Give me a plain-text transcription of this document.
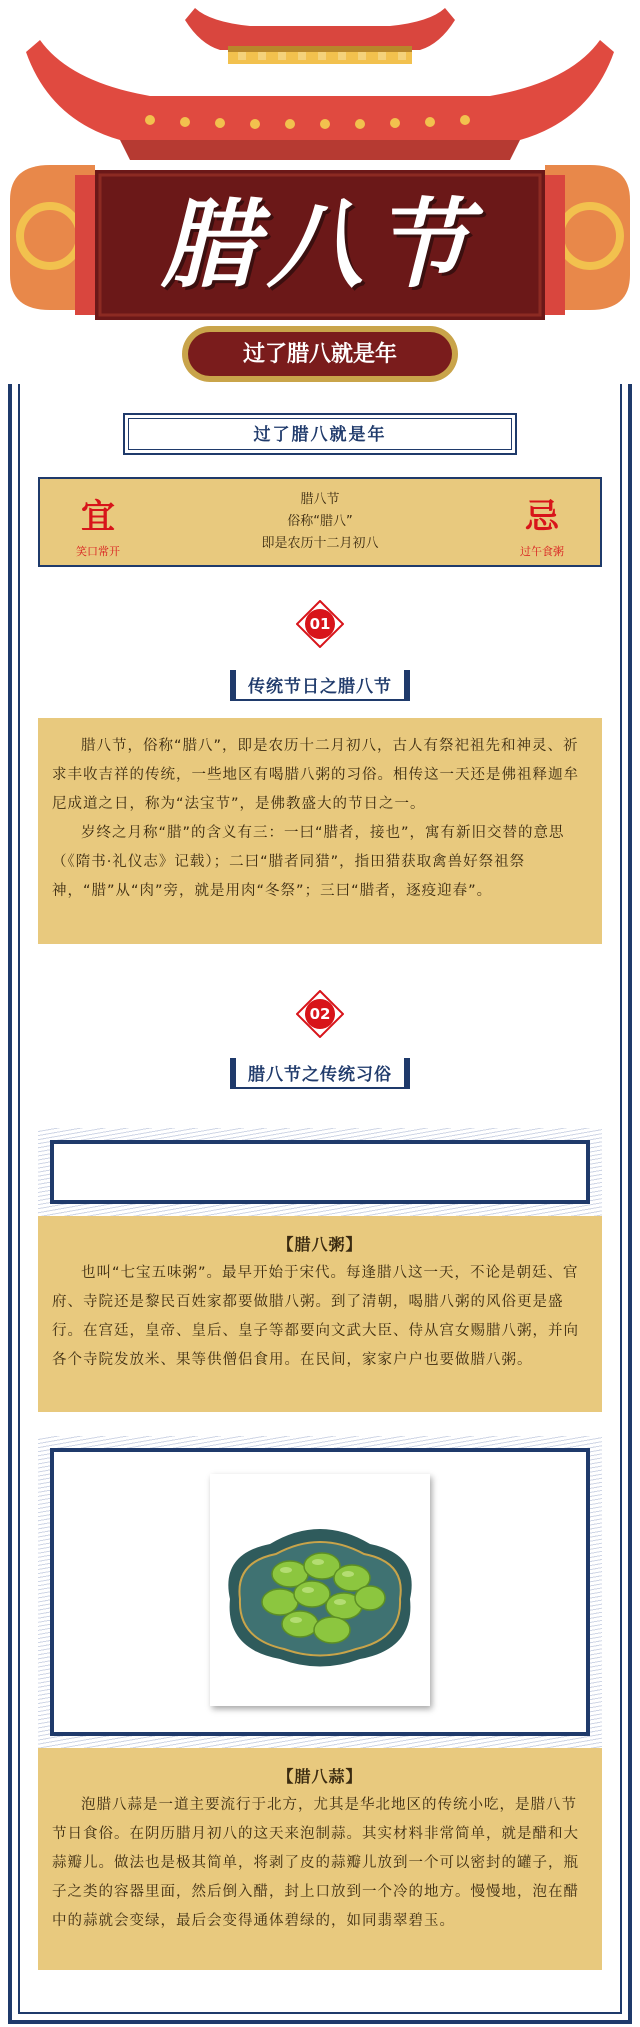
腊八节
过了腊八就是年
过了腊八就是年
宜
笑口常开
腊八节
俗称“腊八”
即是农历十二月初八
忌
过午食粥
01
传统节日之腊八节

腊八节，俗称“腊八”，即是农历十二月初八，古人有祭祀祖先和神灵、祈求丰收吉祥的传统，一些地区有喝腊八粥的习俗。相传这一天还是佛祖释迦牟尼成道之日，称为“法宝节”，是佛教盛大的节日之一。

岁终之月称“腊”的含义有三：一曰“腊者，接也”，寓有新旧交替的意思（《隋书·礼仪志》记载）；二曰“腊者同猎”，指田猎获取禽兽好祭祖祭神，“腊”从“肉”旁，就是用肉“冬祭”；三曰“腊者，逐疫迎春”。

02
腊八节之传统习俗
【腊八粥】

也叫“七宝五味粥”。最早开始于宋代。每逢腊八这一天，不论是朝廷、官府、寺院还是黎民百姓家都要做腊八粥。到了清朝，喝腊八粥的风俗更是盛行。在宫廷，皇帝、皇后、皇子等都要向文武大臣、侍从宫女赐腊八粥，并向各个寺院发放米、果等供僧侣食用。在民间，家家户户也要做腊八粥。

【腊八蒜】

泡腊八蒜是一道主要流行于北方，尤其是华北地区的传统小吃，是腊八节节日食俗。在阴历腊月初八的这天来泡制蒜。其实材料非常简单，就是醋和大蒜瓣儿。做法也是极其简单，将剥了皮的蒜瓣儿放到一个可以密封的罐子，瓶子之类的容器里面，然后倒入醋，封上口放到一个冷的地方。慢慢地，泡在醋中的蒜就会变绿，最后会变得通体碧绿的，如同翡翠碧玉。
